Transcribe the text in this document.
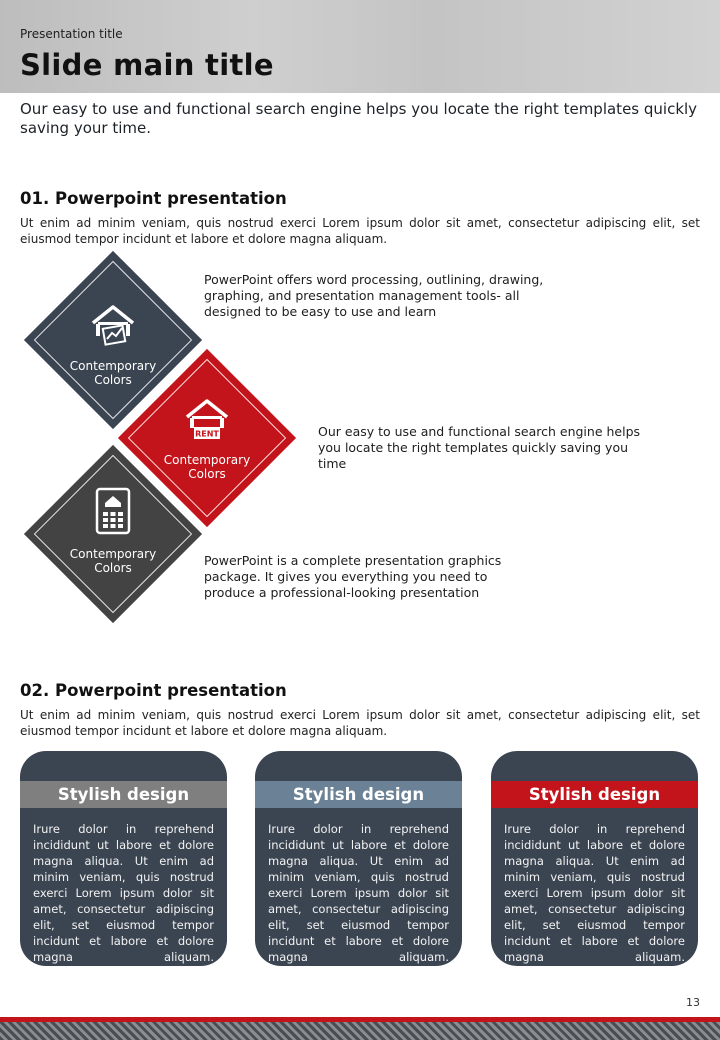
Presentation title
Slide main title
Our easy to use and functional search engine helps you locate the right templates quickly saving your time.
01. Powerpoint presentation
Ut enim ad minim veniam, quis nostrud exerci Lorem ipsum dolor sit amet, consectetur adipiscing elit, set eiusmod tempor incidunt et labore et dolore magna aliquam.
Contemporary Colors
RENT
Contemporary Colors
Contemporary Colors
PowerPoint offers word processing, outlining, drawing, graphing, and presentation management tools- all designed to be easy to use and learn
Our easy to use and functional search engine helps you locate the right templates quickly saving you time
PowerPoint is a complete presentation graphics package. It gives you everything you need to produce a professional-looking presentation
02. Powerpoint presentation
Ut enim ad minim veniam, quis nostrud exerci Lorem ipsum dolor sit amet, consectetur adipiscing elit, set eiusmod tempor incidunt et labore et dolore magna aliquam.
Stylish design
Irure dolor in reprehend incididunt ut labore et dolore magna aliqua. Ut enim ad minim veniam, quis nostrud exerci Lorem ipsum dolor sit amet, consectetur adipiscing elit, set eiusmod tempor incidunt et labore et dolore magna aliquam.
Stylish design
Irure dolor in reprehend incididunt ut labore et dolore magna aliqua. Ut enim ad minim veniam, quis nostrud exerci Lorem ipsum dolor sit amet, consectetur adipiscing elit, set eiusmod tempor incidunt et labore et dolore magna aliquam.
Stylish design
Irure dolor in reprehend incididunt ut labore et dolore magna aliqua. Ut enim ad minim veniam, quis nostrud exerci Lorem ipsum dolor sit amet, consectetur adipiscing elit, set eiusmod tempor incidunt et labore et dolore magna aliquam.
13
